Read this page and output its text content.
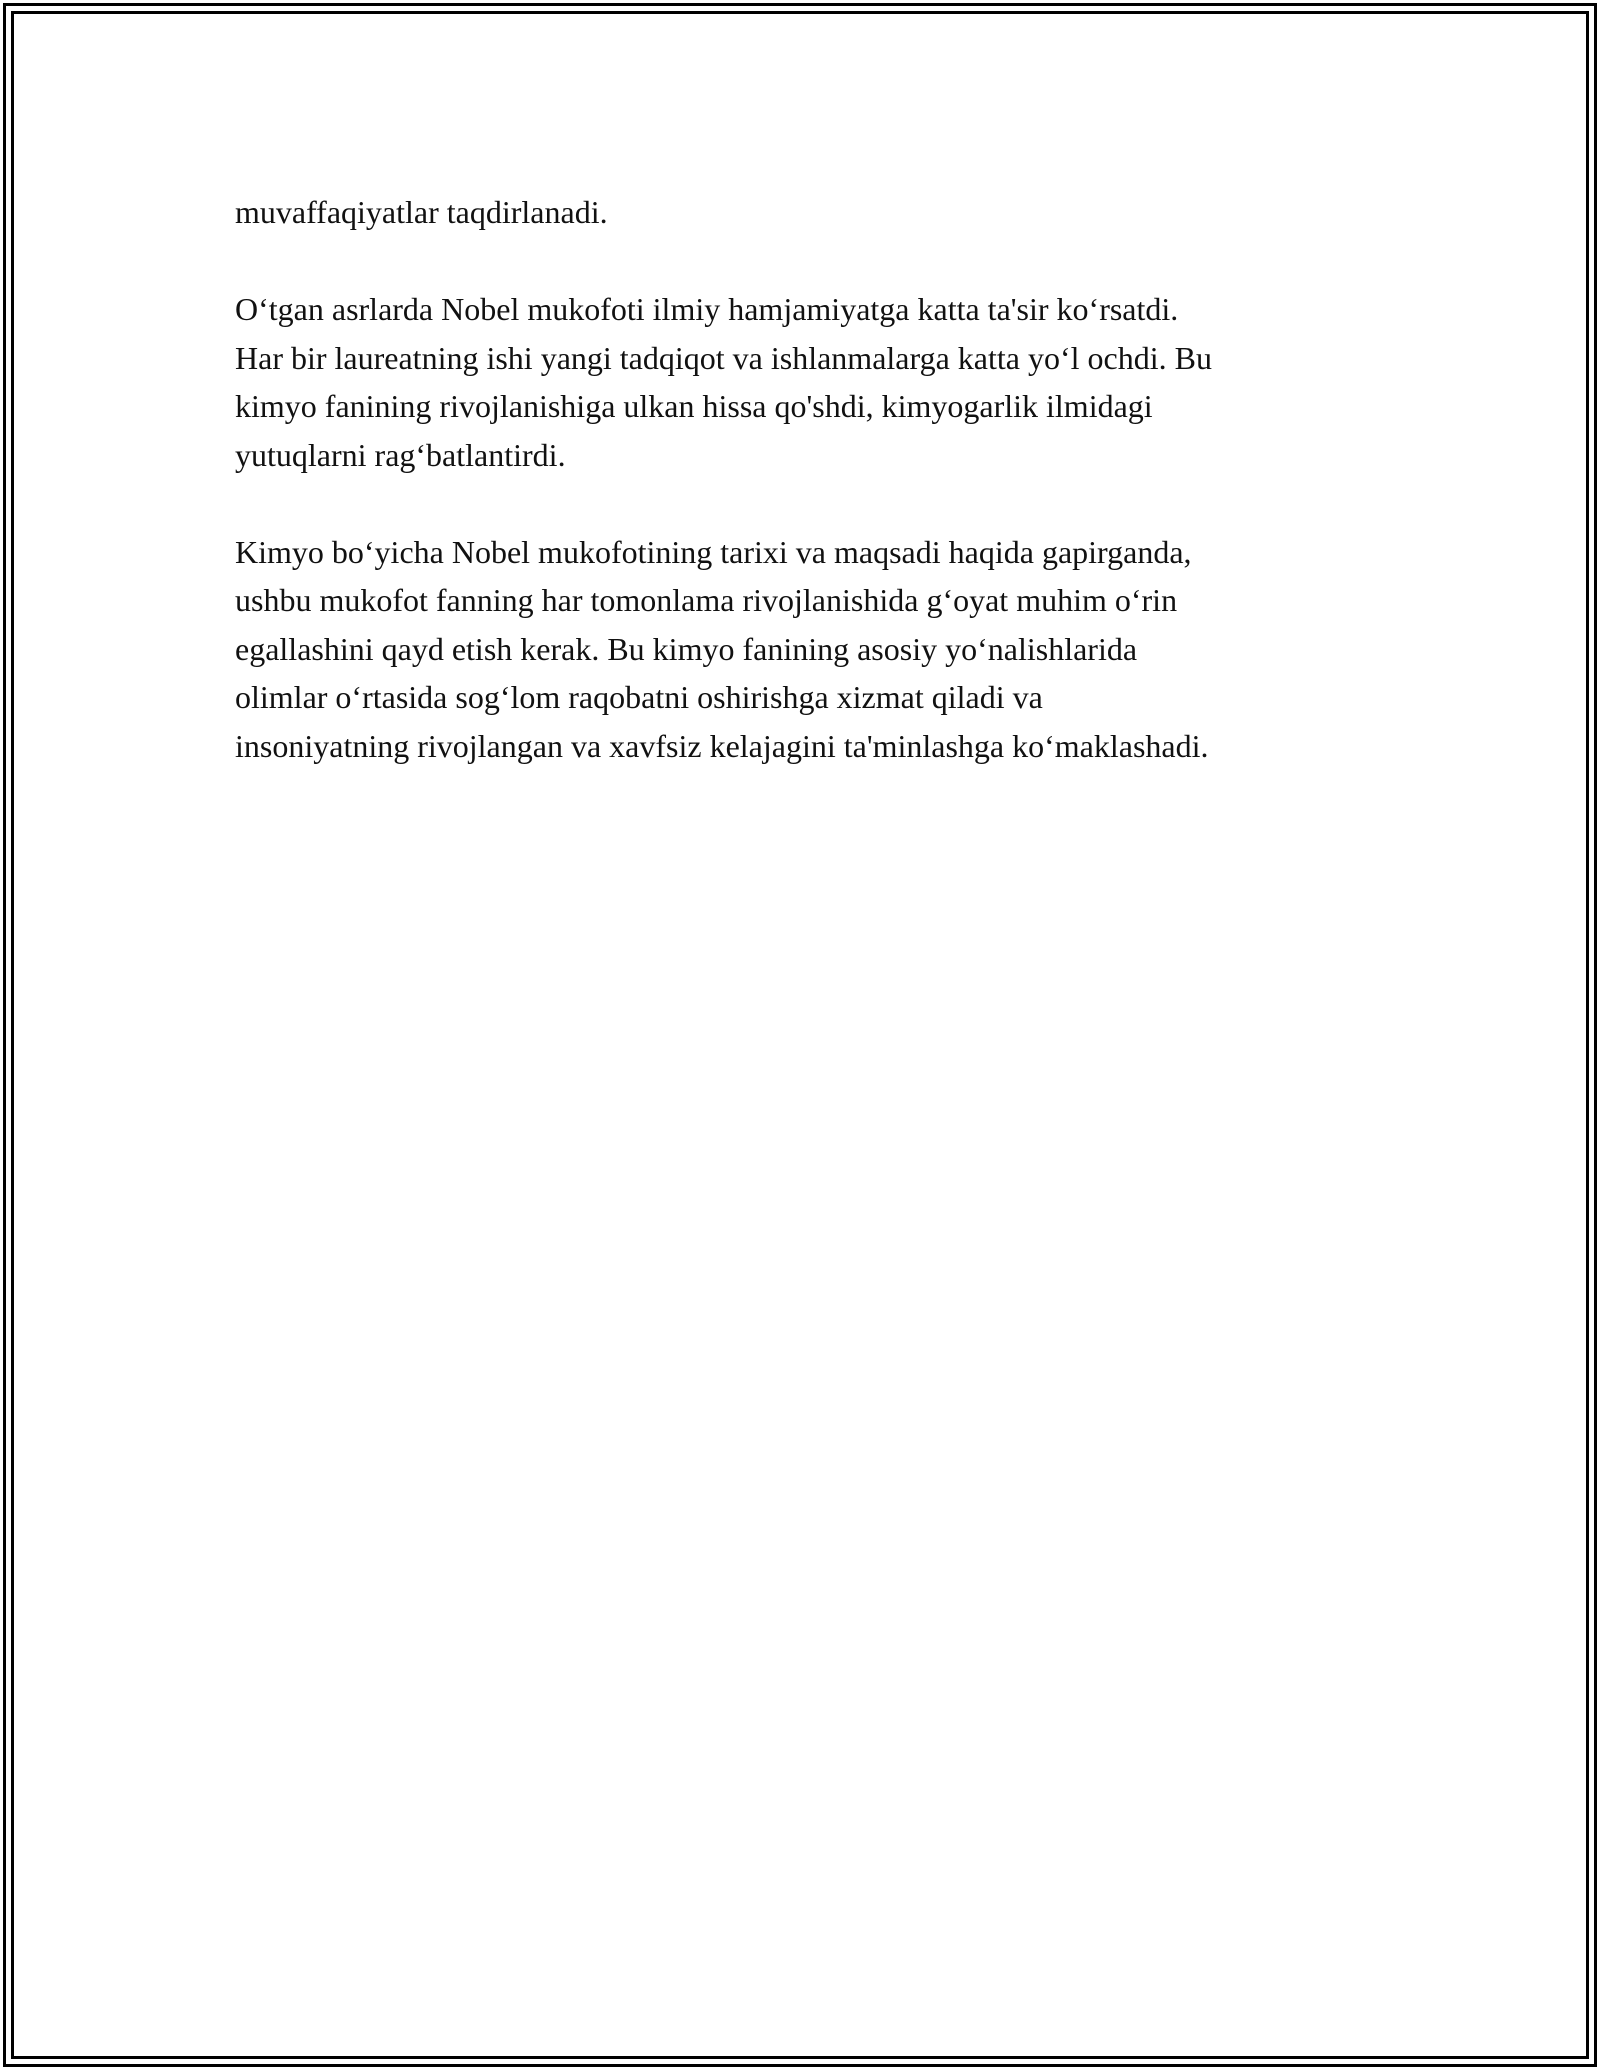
muvaffaqiyatlar taqdirlanadi.

O‘tgan asrlarda Nobel mukofoti ilmiy hamjamiyatga katta ta'sir ko‘rsatdi.
Har bir laureatning ishi yangi tadqiqot va ishlanmalarga katta yo‘l ochdi. Bu
kimyo fanining rivojlanishiga ulkan hissa qo'shdi, kimyogarlik ilmidagi
yutuqlarni rag‘batlantirdi.

Kimyo bo‘yicha Nobel mukofotining tarixi va maqsadi haqida gapirganda,
ushbu mukofot fanning har tomonlama rivojlanishida g‘oyat muhim o‘rin
egallashini qayd etish kerak. Bu kimyo fanining asosiy yo‘nalishlarida
olimlar o‘rtasida sog‘lom raqobatni oshirishga xizmat qiladi va
insoniyatning rivojlangan va xavfsiz kelajagini ta'minlashga ko‘maklashadi.
